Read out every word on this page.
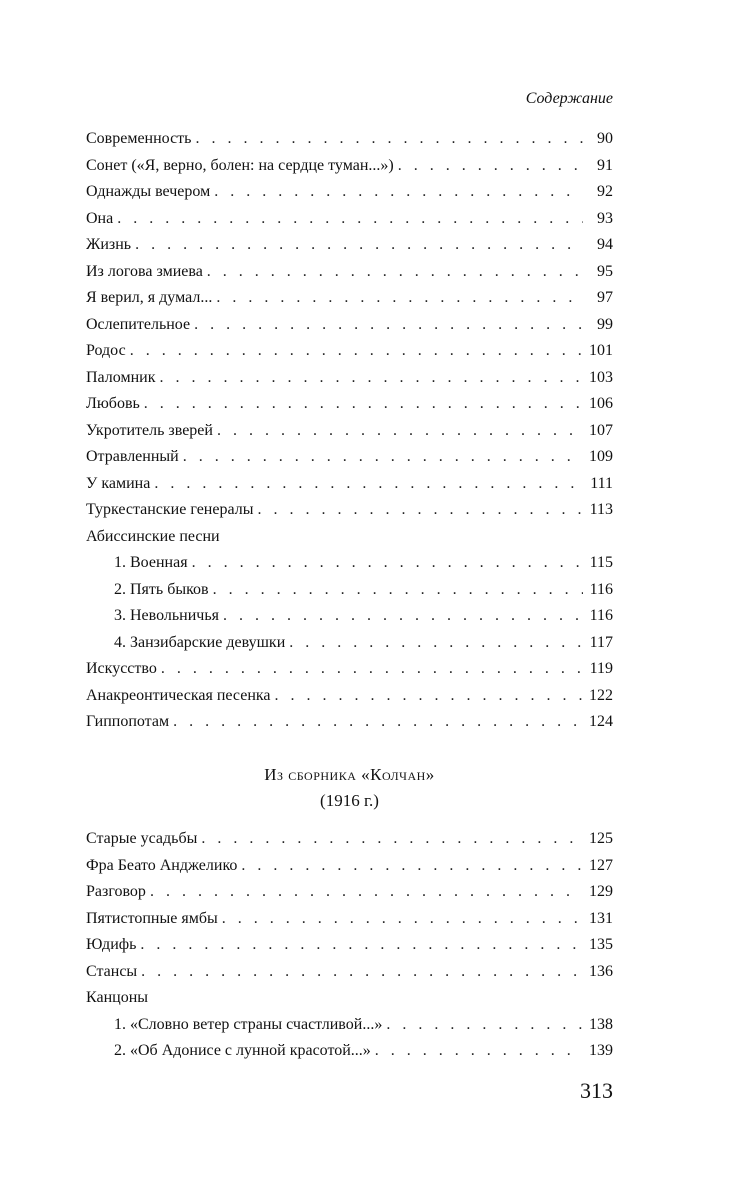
Содержание
Современность . . .	90
Сонет («Я, верно, болен: на сердце туман...») . . .	91
Однажды вечером . . .	92
Она . . .	93
Жизнь . . .	94
Из логова змиева . . .	95
Я верил, я думал... . . .	97
Ослепительное . . .	99
Родос . . .	101
Паломник . . .	103
Любовь . . .	106
Укротитель зверей . . .	107
Отравленный . . .	109
У камина . . .	111
Туркестанские генералы . . .	113
Абиссинские песни
1. Военная . . .	115
2. Пять быков . . .	116
3. Невольничья . . .	116
4. Занзибарские девушки . . .	117
Искусство . . .	119
Анакреонтическая песенка . . .	122
Гиппопотам . . .	124
Из сборника «Колчан»
(1916 г.)
Старые усадьбы . . .	125
Фра Беато Анджелико . . .	127
Разговор . . .	129
Пятистопные ямбы . . .	131
Юдифь . . .	135
Стансы . . .	136
Канцоны
1. «Словно ветер страны счастливой...» . . .	138
2. «Об Адонисе с лунной красотой...» . . .	139
313
